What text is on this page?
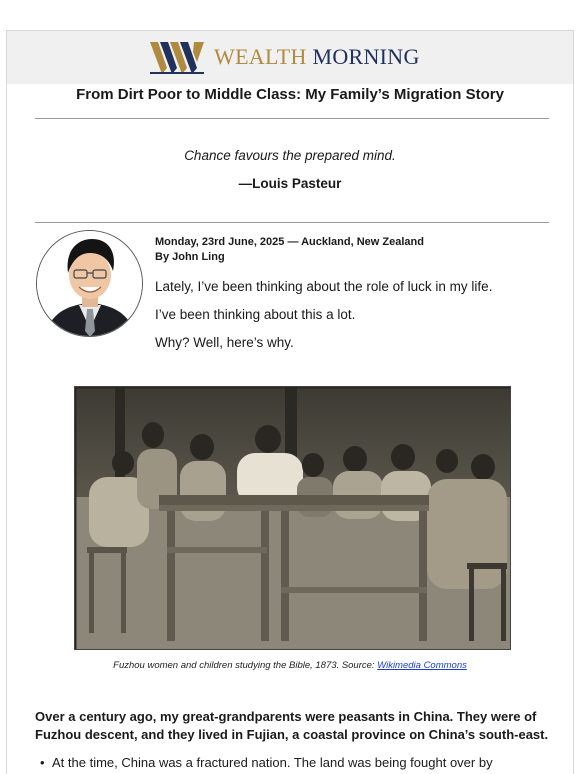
WEALTH MORNING
From Dirt Poor to Middle Class: My Family’s Migration Story
Chance favours the prepared mind.
—Louis Pasteur
Monday, 23rd June, 2025 — Auckland, New Zealand
By John Ling
Lately, I’ve been thinking about the role of luck in my life.
I’ve been thinking about this a lot.
Why? Well, here’s why.
Fuzhou women and children studying the Bible, 1873. Source: Wikimedia Commons
Over a century ago, my great-grandparents were peasants in China. They were of Fuzhou descent, and they lived in Fujian, a coastal province on China’s south-east.
• At the time, China was a fractured nation. The land was being fought over by
